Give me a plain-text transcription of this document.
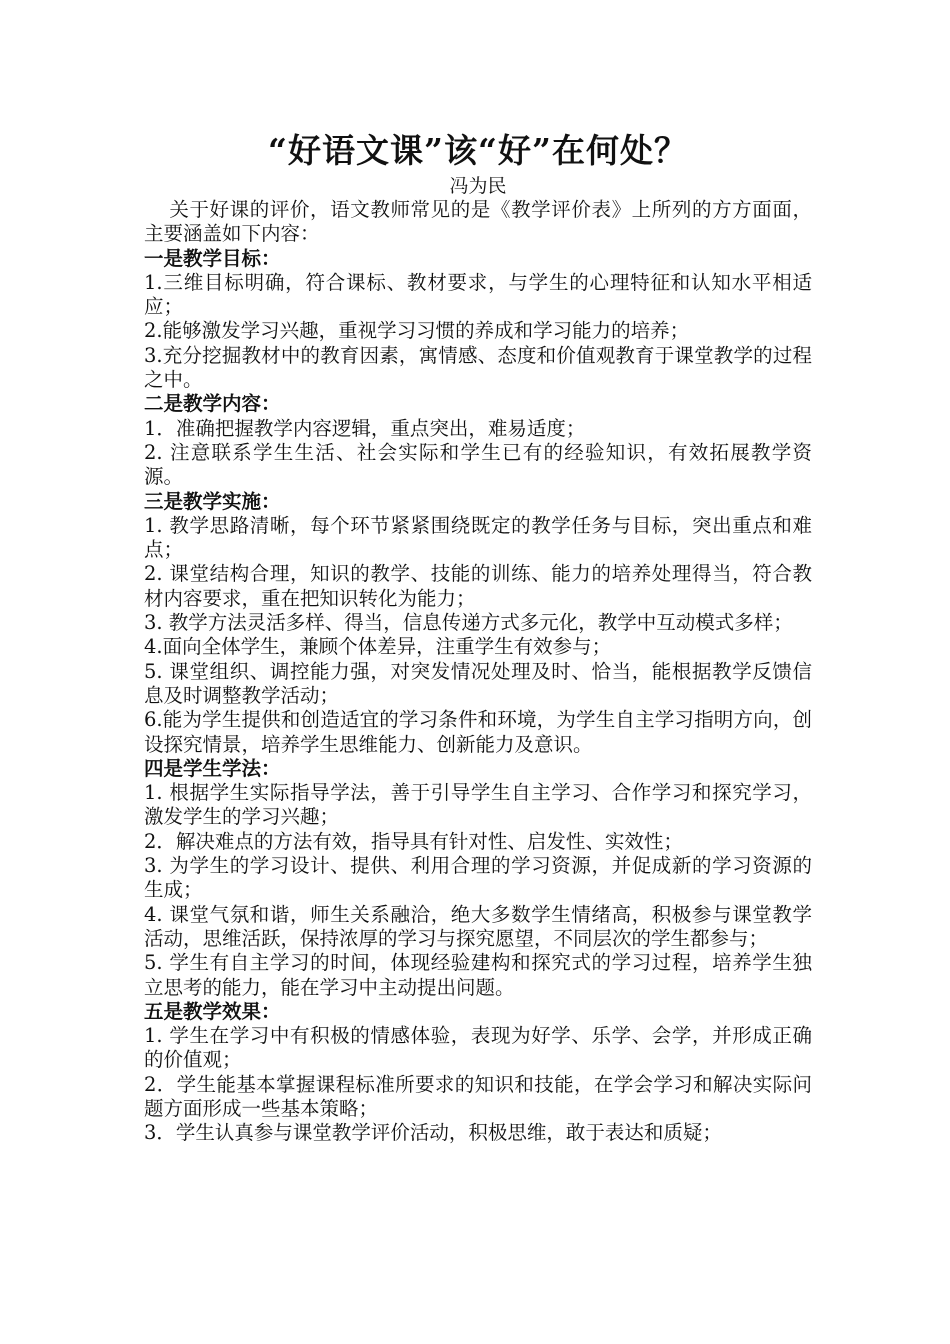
“好语文课”该“好”在何处？

冯为民

关于好课的评价，语文教师常见的是《教学评价表》上所列的方方面面，主要涵盖如下内容：

一是教学目标：

1.三维目标明确，符合课标、教材要求，与学生的心理特征和认知水平相适应；

2.能够激发学习兴趣，重视学习习惯的养成和学习能力的培养；

3.充分挖掘教材中的教育因素，寓情感、态度和价值观教育于课堂教学的过程之中。

二是教学内容：

1．准确把握教学内容逻辑，重点突出，难易适度；

2. 注意联系学生生活、社会实际和学生已有的经验知识，有效拓展教学资源。

三是教学实施：

1. 教学思路清晰，每个环节紧紧围绕既定的教学任务与目标，突出重点和难点；

2. 课堂结构合理，知识的教学、技能的训练、能力的培养处理得当，符合教材内容要求，重在把知识转化为能力；

3. 教学方法灵活多样、得当，信息传递方式多元化，教学中互动模式多样；

4.面向全体学生，兼顾个体差异，注重学生有效参与；

5. 课堂组织、调控能力强，对突发情况处理及时、恰当，能根据教学反馈信息及时调整教学活动；

6.能为学生提供和创造适宜的学习条件和环境，为学生自主学习指明方向，创设探究情景，培养学生思维能力、创新能力及意识。

四是学生学法：

1. 根据学生实际指导学法，善于引导学生自主学习、合作学习和探究学习，激发学生的学习兴趣；

2．解决难点的方法有效，指导具有针对性、启发性、实效性；

3. 为学生的学习设计、提供、利用合理的学习资源，并促成新的学习资源的生成；

4. 课堂气氛和谐，师生关系融洽，绝大多数学生情绪高，积极参与课堂教学活动，思维活跃，保持浓厚的学习与探究愿望，不同层次的学生都参与；

5. 学生有自主学习的时间，体现经验建构和探究式的学习过程，培养学生独立思考的能力，能在学习中主动提出问题。

五是教学效果：

1. 学生在学习中有积极的情感体验，表现为好学、乐学、会学，并形成正确的价值观；

2．学生能基本掌握课程标准所要求的知识和技能，在学会学习和解决实际问题方面形成一些基本策略；

3．学生认真参与课堂教学评价活动，积极思维，敢于表达和质疑；
